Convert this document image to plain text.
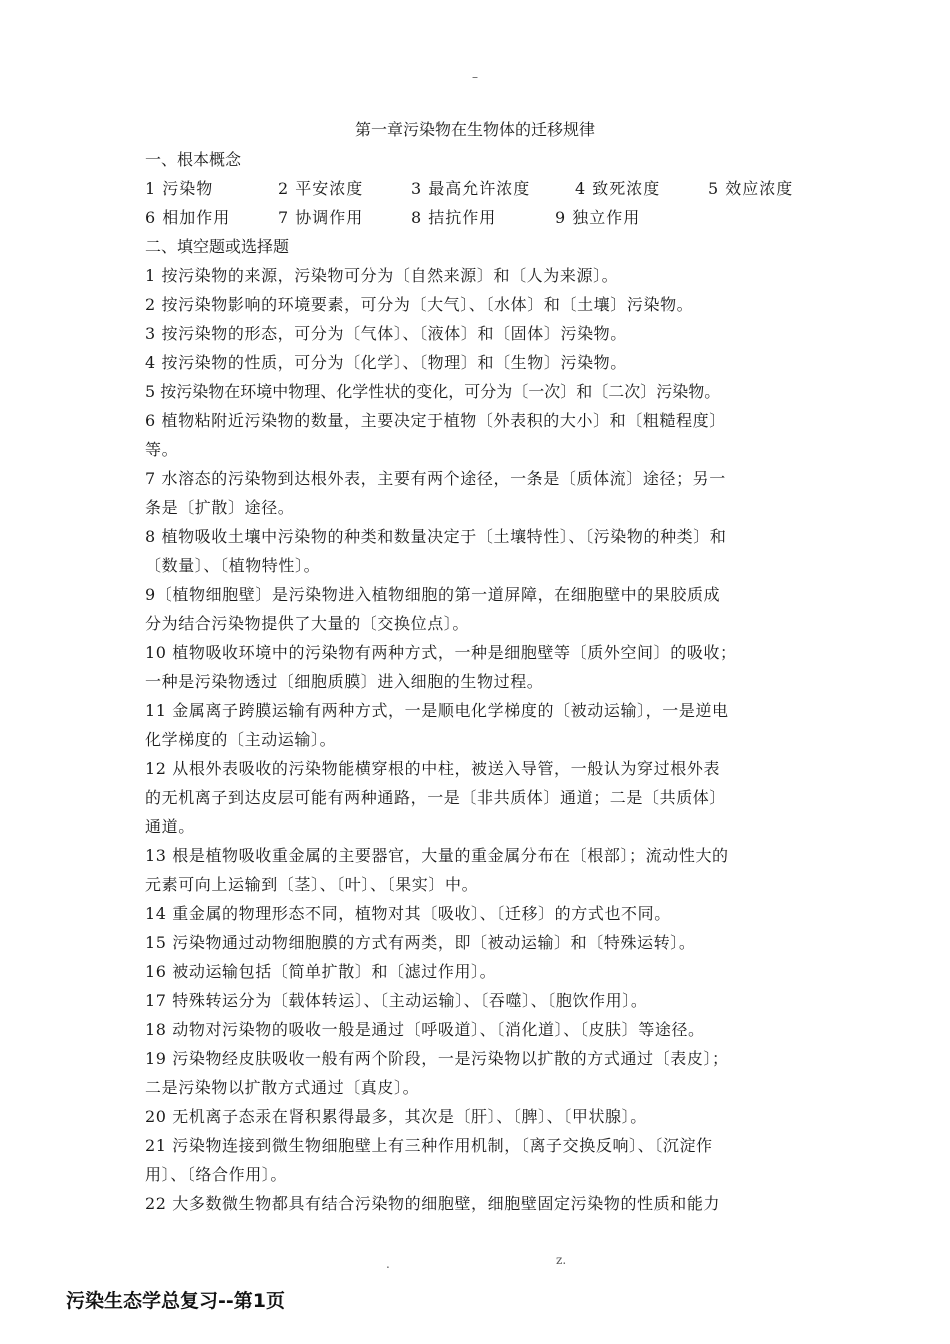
–
第一章污染物在生物体的迁移规律
一、根本概念
1 污染物	2 平安浓度	3 最高允许浓度	4 致死浓度	5 效应浓度
6 相加作用	7 协调作用	8 拮抗作用	9 独立作用
二、填空题或选择题
1 按污染物的来源，污染物可分为〔自然来源〕和〔人为来源〕。
2 按污染物影响的环境要素，可分为〔大气〕、〔水体〕和〔土壤〕污染物。
3 按污染物的形态，可分为〔气体〕、〔液体〕和〔固体〕污染物。
4 按污染物的性质，可分为〔化学〕、〔物理〕和〔生物〕污染物。
5 按污染物在环境中物理、化学性状的变化，可分为〔一次〕和〔二次〕污染物。
6 植物粘附近污染物的数量，主要决定于植物〔外表积的大小〕和〔粗糙程度〕
等。
7 水溶态的污染物到达根外表，主要有两个途径，一条是〔质体流〕途径；另一
条是〔扩散〕途径。
8 植物吸收土壤中污染物的种类和数量决定于〔土壤特性〕、〔污染物的种类〕和
〔数量〕、〔植物特性〕。
9〔植物细胞壁〕是污染物进入植物细胞的第一道屏障，在细胞壁中的果胶质成
分为结合污染物提供了大量的〔交换位点〕。
10 植物吸收环境中的污染物有两种方式，一种是细胞壁等〔质外空间〕的吸收；
一种是污染物透过〔细胞质膜〕进入细胞的生物过程。
11 金属离子跨膜运输有两种方式，一是顺电化学梯度的〔被动运输〕，一是逆电
化学梯度的〔主动运输〕。
12 从根外表吸收的污染物能横穿根的中柱，被送入导管，一般认为穿过根外表
的无机离子到达皮层可能有两种通路，一是〔非共质体〕通道；二是〔共质体〕
通道。
13 根是植物吸收重金属的主要器官，大量的重金属分布在〔根部〕；流动性大的
元素可向上运输到〔茎〕、〔叶〕、〔果实〕中。
14 重金属的物理形态不同，植物对其〔吸收〕、〔迁移〕的方式也不同。
15 污染物通过动物细胞膜的方式有两类，即〔被动运输〕和〔特殊运转〕。
16 被动运输包括〔简单扩散〕和〔滤过作用〕。
17 特殊转运分为〔载体转运〕、〔主动运输〕、〔吞噬〕、〔胞饮作用〕。
18 动物对污染物的吸收一般是通过〔呼吸道〕、〔消化道〕、〔皮肤〕等途径。
19 污染物经皮肤吸收一般有两个阶段，一是污染物以扩散的方式通过〔表皮〕；
二是污染物以扩散方式通过〔真皮〕。
20 无机离子态汞在肾积累得最多，其次是〔肝〕、〔脾〕、〔甲状腺〕。
21 污染物连接到微生物细胞壁上有三种作用机制，〔离子交换反响〕、〔沉淀作
用〕、〔络合作用〕。
22 大多数微生物都具有结合污染物的细胞壁，细胞壁固定污染物的性质和能力
.	z.
污染生态学总复习--第1页
